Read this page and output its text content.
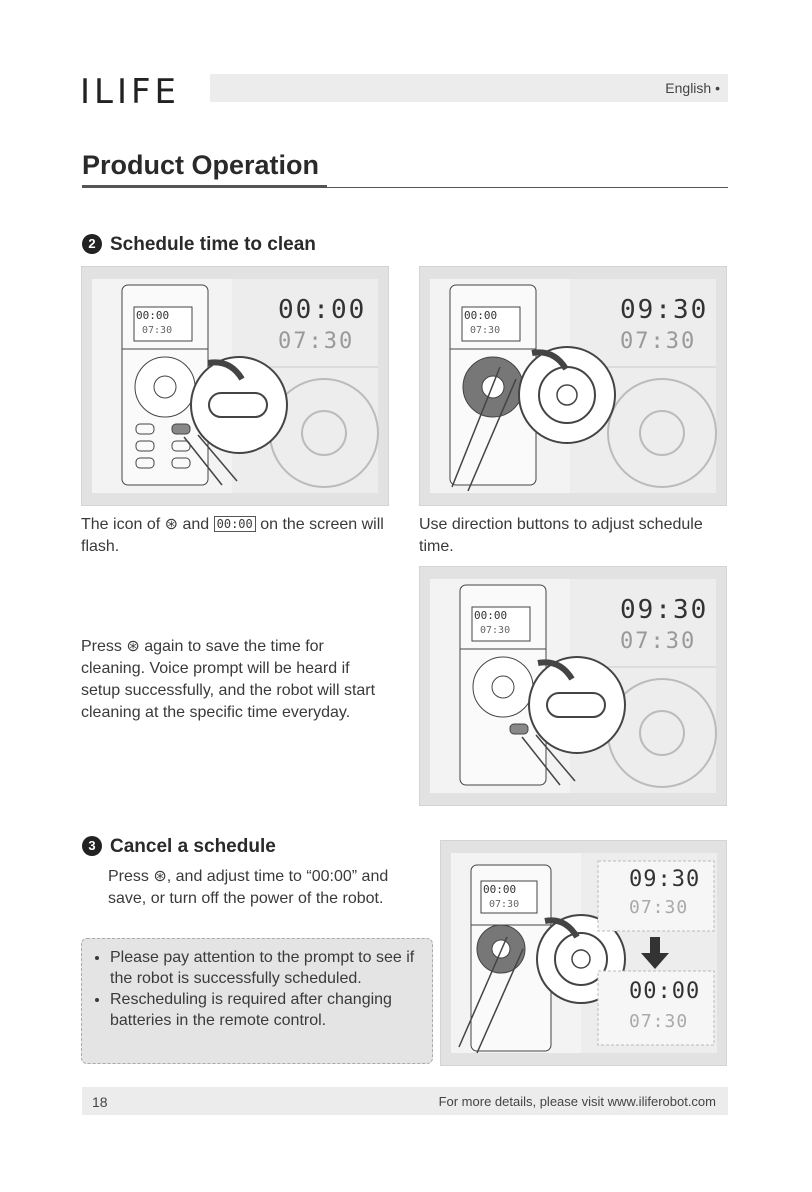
ILIFE	English •
Product Operation
2 Schedule time to clean
00:00
07:30
00:00
07:30
00:00
07:30
09:30
07:30
The icon of ⊛ and 00:00 on the screen will flash.
Use direction buttons to adjust schedule time.
Press ⊛ again to save the time for cleaning. Voice prompt will be heard if setup successfully, and the robot will start cleaning at the specific time everyday.
00:00
07:30
09:30
07:30
3 Cancel a schedule
Press ⊛, and adjust time to “00:00” and save, or turn off the power of the robot.
• Please pay attention to the prompt to see if the robot is successfully scheduled.
• Rescheduling is required after changing batteries in the remote control.
00:00
07:30
09:30
07:30
00:00
07:30
18	For more details, please visit www.iliferobot.com
